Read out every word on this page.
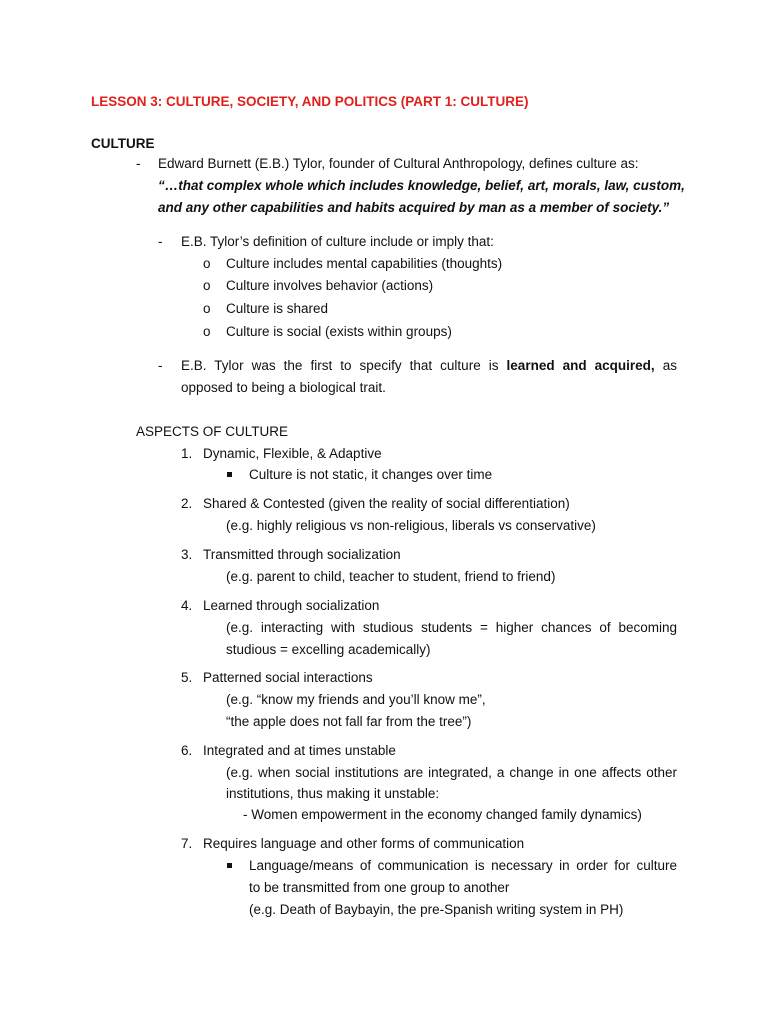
LESSON 3: CULTURE, SOCIETY, AND POLITICS (PART 1: CULTURE)
CULTURE
- Edward Burnett (E.B.) Tylor, founder of Cultural Anthropology, defines culture as:
“…that complex whole which includes knowledge, belief, art, morals, law, custom,
and any other capabilities and habits acquired by man as a member of society.”
- E.B. Tylor’s definition of culture include or imply that:
o Culture includes mental capabilities (thoughts)
o Culture involves behavior (actions)
o Culture is shared
o Culture is social (exists within groups)
- E.B. Tylor was the first to specify that culture is learned and acquired, as
opposed to being a biological trait.
ASPECTS OF CULTURE
1. Dynamic, Flexible, & Adaptive
Culture is not static, it changes over time
2. Shared & Contested (given the reality of social differentiation)
(e.g. highly religious vs non-religious, liberals vs conservative)
3. Transmitted through socialization
(e.g. parent to child, teacher to student, friend to friend)
4. Learned through socialization
(e.g. interacting with studious students = higher chances of becoming
studious = excelling academically)
5. Patterned social interactions
(e.g. “know my friends and you’ll know me”,
“the apple does not fall far from the tree”)
6. Integrated and at times unstable
(e.g. when social institutions are integrated, a change in one affects other
institutions, thus making it unstable:
- Women empowerment in the economy changed family dynamics)
7. Requires language and other forms of communication
Language/means of communication is necessary in order for culture
to be transmitted from one group to another
(e.g. Death of Baybayin, the pre-Spanish writing system in PH)
